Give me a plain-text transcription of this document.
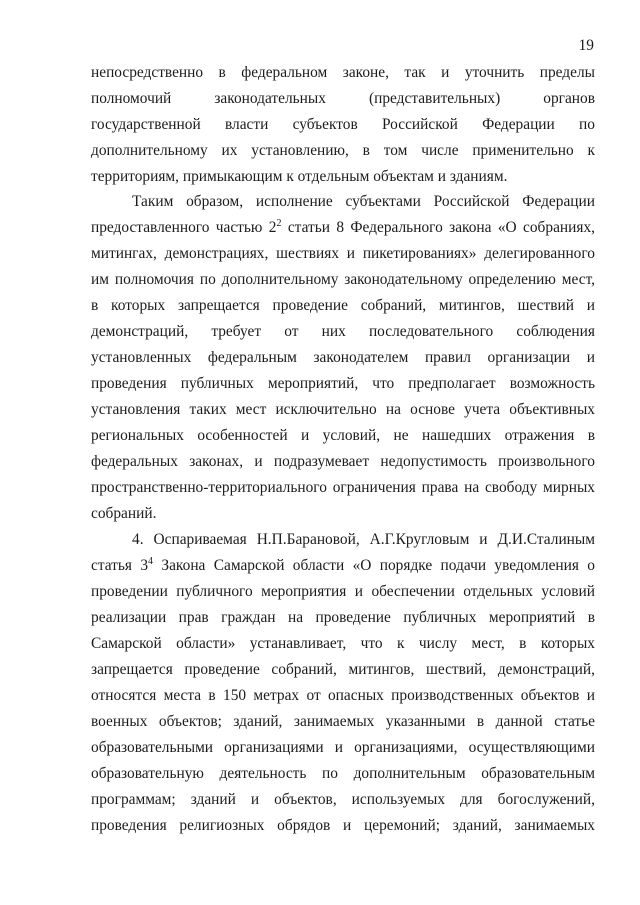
19
непосредственно в федеральном законе, так и уточнить пределы
полномочий законодательных (представительных) органов
государственной власти субъектов Российской Федерации по
дополнительному их установлению, в том числе применительно к
территориям, примыкающим к отдельным объектам и зданиям.
Таким образом, исполнение субъектами Российской Федерации
предоставленного частью $2^2$ статьи 8 Федерального закона «О собраниях,
митингах, демонстрациях, шествиях и пикетированиях» делегированного
им полномочия по дополнительному законодательному определению мест,
в которых запрещается проведение собраний, митингов, шествий и
демонстраций, требует от них последовательного соблюдения
установленных федеральным законодателем правил организации и
проведения публичных мероприятий, что предполагает возможность
установления таких мест исключительно на основе учета объективных
региональных особенностей и условий, не нашедших отражения в
федеральных законах, и подразумевает недопустимость произвольного
пространственно-территориального ограничения права на свободу мирных
собраний.
4. Оспариваемая Н.П.Барановой, А.Г.Кругловым и Д.И.Сталиным
статья $3^4$ Закона Самарской области «О порядке подачи уведомления о
проведении публичного мероприятия и обеспечении отдельных условий
реализации прав граждан на проведение публичных мероприятий в
Самарской области» устанавливает, что к числу мест, в которых
запрещается проведение собраний, митингов, шествий, демонстраций,
относятся места в 150 метрах от опасных производственных объектов и
военных объектов; зданий, занимаемых указанными в данной статье
образовательными организациями и организациями, осуществляющими
образовательную деятельность по дополнительным образовательным
программам; зданий и объектов, используемых для богослужений,
проведения религиозных обрядов и церемоний; зданий, занимаемых
